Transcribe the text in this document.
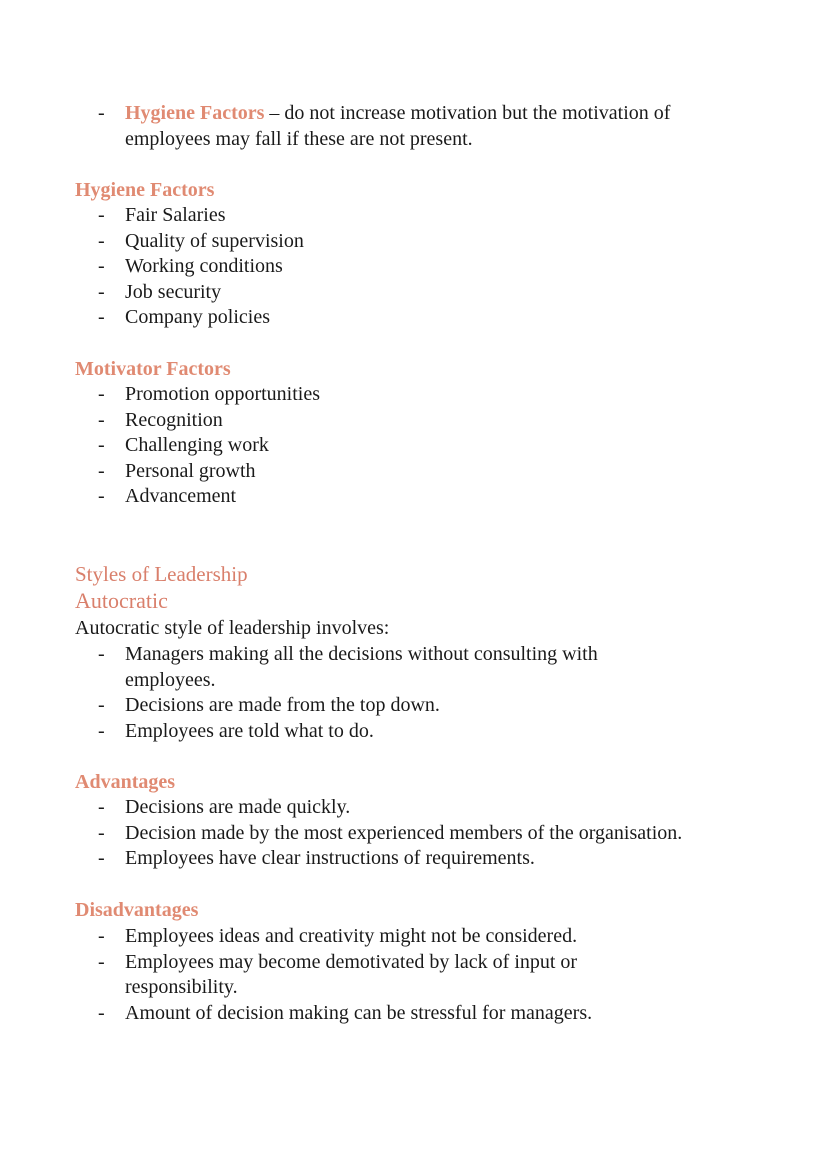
- Hygiene Factors – do not increase motivation but the motivation of employees may fall if these are not present.
Hygiene Factors
- Fair Salaries
- Quality of supervision
- Working conditions
- Job security
- Company policies
Motivator Factors
- Promotion opportunities
- Recognition
- Challenging work
- Personal growth
- Advancement
Styles of Leadership
Autocratic
Autocratic style of leadership involves:
- Managers making all the decisions without consulting with employees.
- Decisions are made from the top down.
- Employees are told what to do.
Advantages
- Decisions are made quickly.
- Decision made by the most experienced members of the organisation.
- Employees have clear instructions of requirements.
Disadvantages
- Employees ideas and creativity might not be considered.
- Employees may become demotivated by lack of input or responsibility.
- Amount of decision making can be stressful for managers.
